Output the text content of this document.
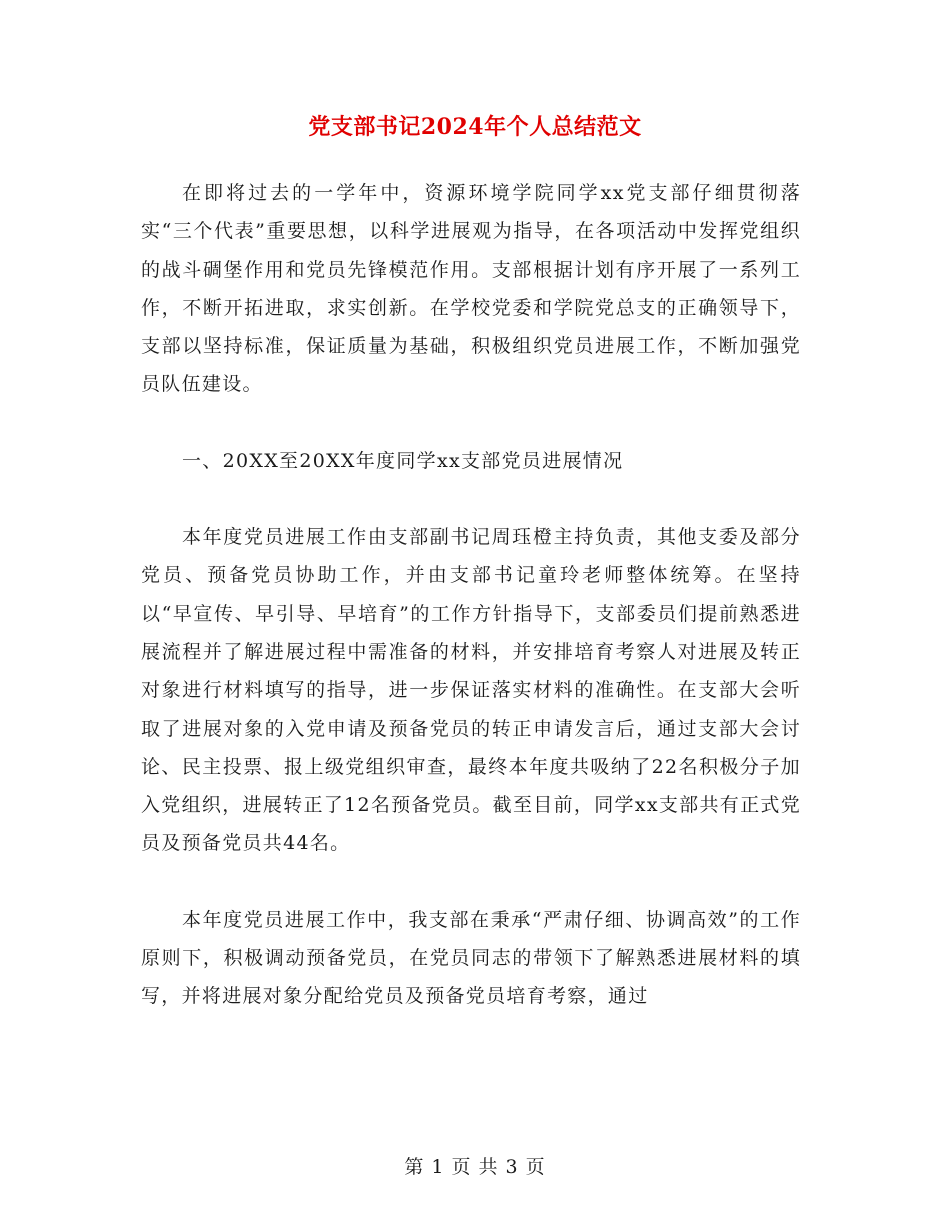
党支部书记2024年个人总结范文

在即将过去的一学年中，资源环境学院同学xx党支部仔细贯彻落实“三个代表”重要思想，以科学进展观为指导，在各项活动中发挥党组织的战斗碉堡作用和党员先锋模范作用。支部根据计划有序开展了一系列工作，不断开拓进取，求实创新。在学校党委和学院党总支的正确领导下，支部以坚持标准，保证质量为基础，积极组织党员进展工作，不断加强党员队伍建设。

一、20XX至20XX年度同学xx支部党员进展情况

本年度党员进展工作由支部副书记周珏橙主持负责，其他支委及部分党员、预备党员协助工作，并由支部书记童玲老师整体统筹。在坚持以“早宣传、早引导、早培育”的工作方针指导下，支部委员们提前熟悉进展流程并了解进展过程中需准备的材料，并安排培育考察人对进展及转正对象进行材料填写的指导，进一步保证落实材料的准确性。在支部大会听取了进展对象的入党申请及预备党员的转正申请发言后，通过支部大会讨论、民主投票、报上级党组织审查，最终本年度共吸纳了22名积极分子加入党组织，进展转正了12名预备党员。截至目前，同学xx支部共有正式党员及预备党员共44名。

本年度党员进展工作中，我支部在秉承“严肃仔细、协调高效”的工作原则下，积极调动预备党员，在党员同志的带领下了解熟悉进展材料的填写，并将进展对象分配给党员及预备党员培育考察，通过

第 1 页 共 3 页
